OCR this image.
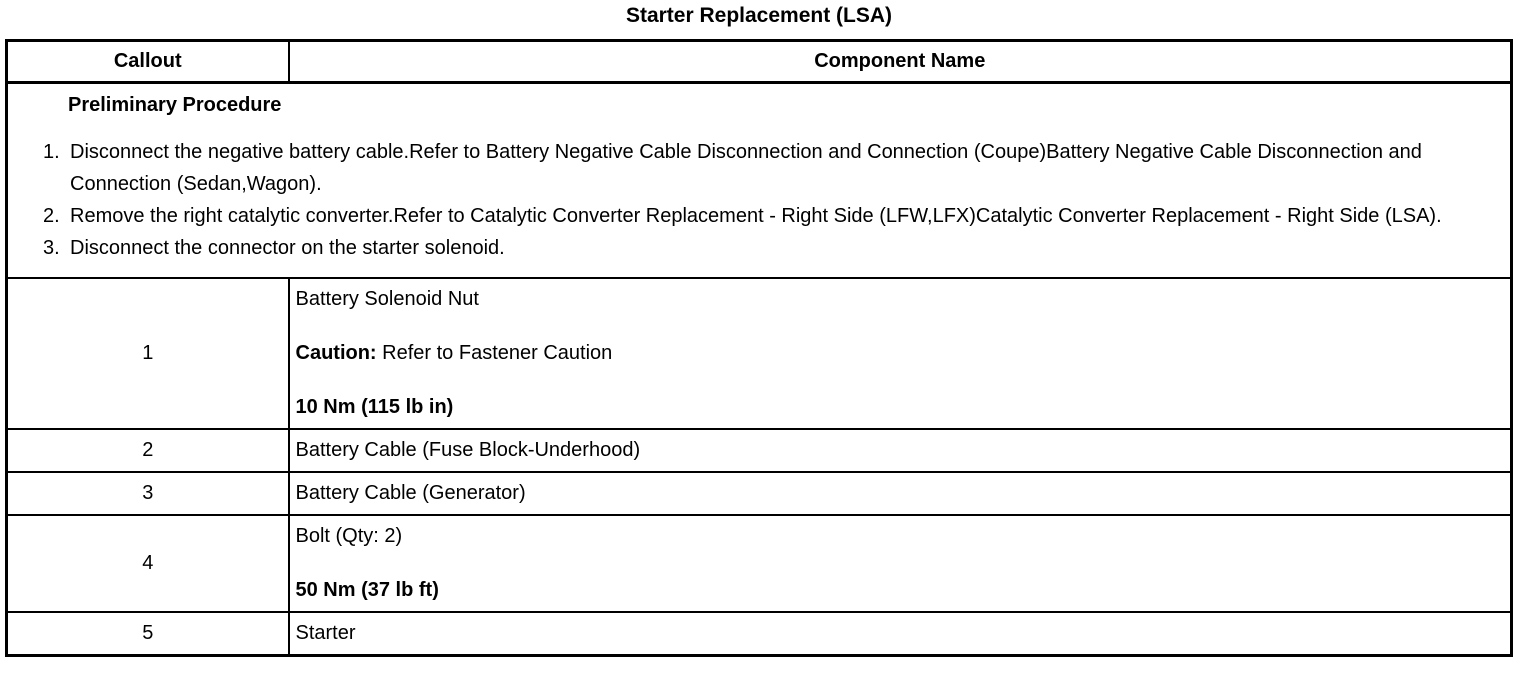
Starter Replacement (LSA)
Callout	Component Name

Preliminary Procedure
1. Disconnect the negative battery cable.Refer to Battery Negative Cable Disconnection and Connection (Coupe)Battery Negative Cable Disconnection and Connection (Sedan,Wagon).
2. Remove the right catalytic converter.Refer to Catalytic Converter Replacement - Right Side (LFW,LFX)Catalytic Converter Replacement - Right Side (LSA).
3. Disconnect the connector on the starter solenoid.

1	Battery Solenoid Nut
Caution: Refer to Fastener Caution
10 Nm (115 lb in)

2	Battery Cable (Fuse Block-Underhood)

3	Battery Cable (Generator)

4	Bolt (Qty: 2)
50 Nm (37 lb ft)

5	Starter
